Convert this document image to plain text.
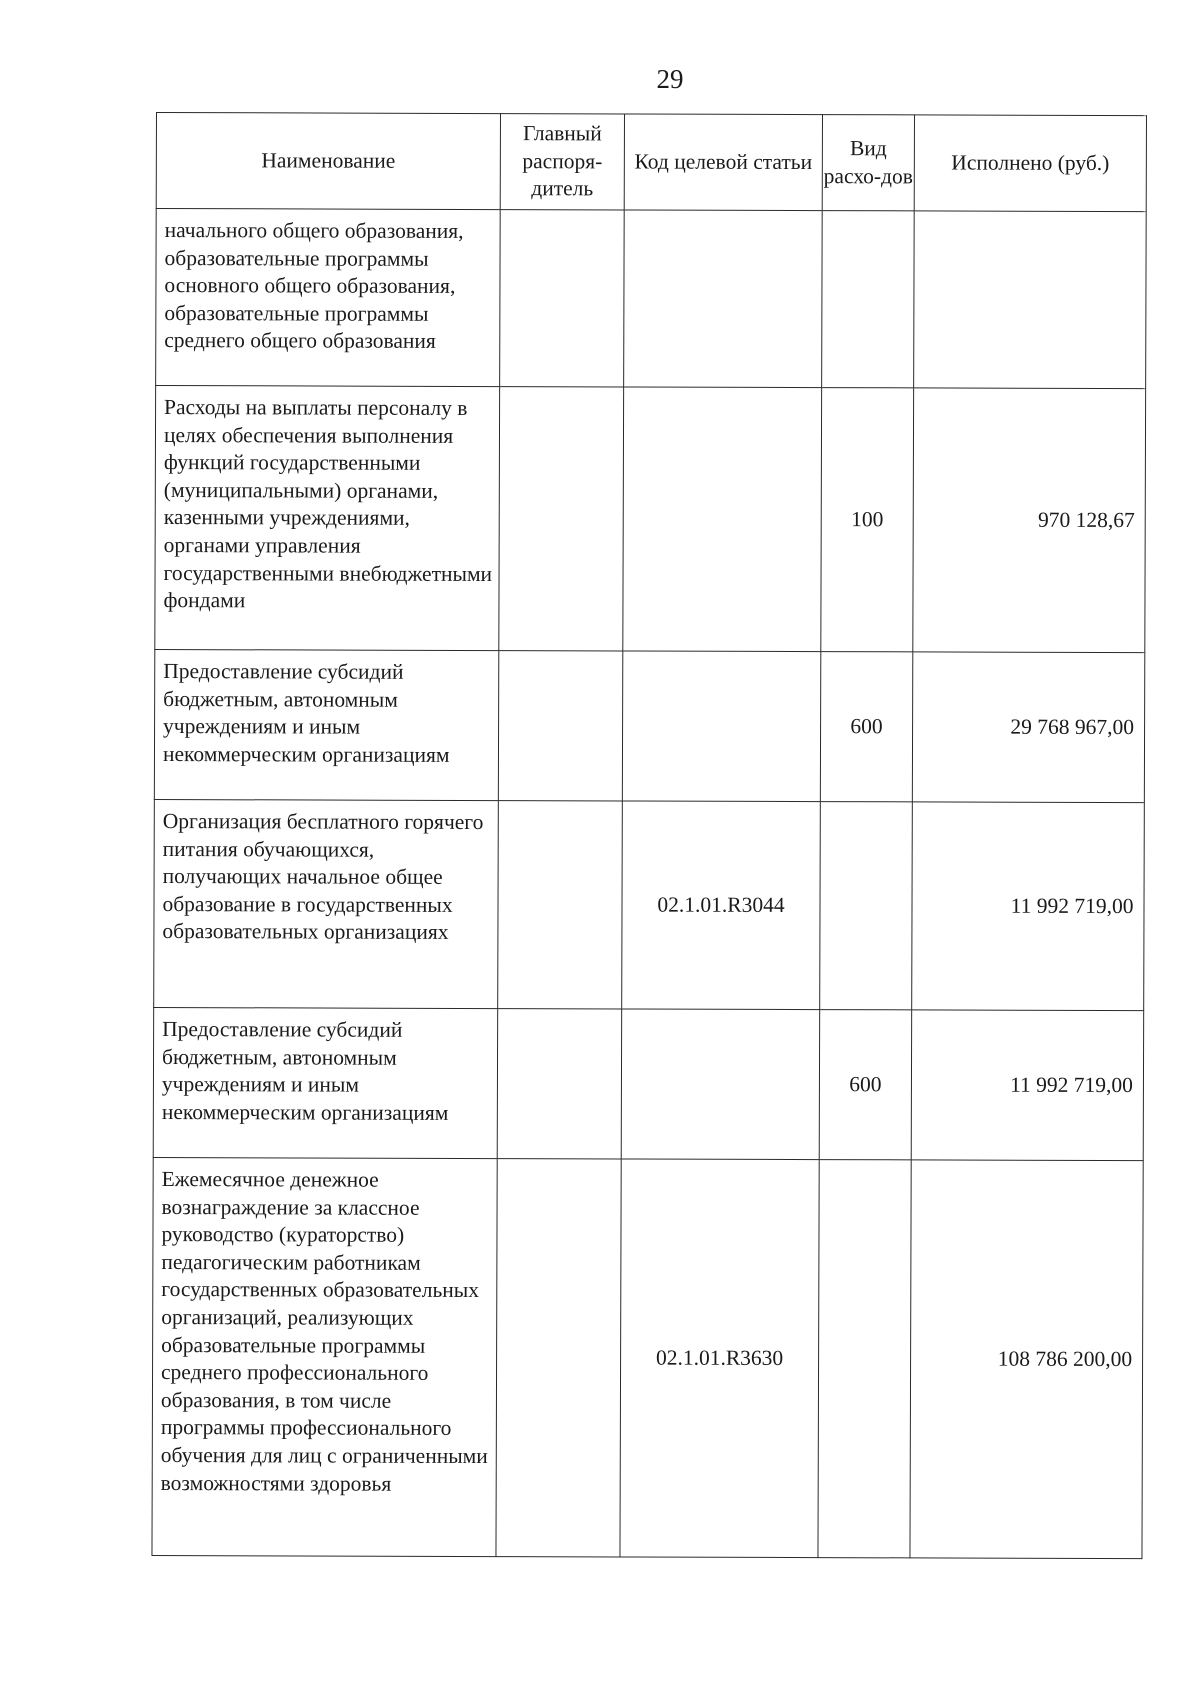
29
Наименование	Главный распоря-дитель	Код целевой статьи	Вид расхо-дов	Исполнено (руб.)
начального общего образования, образовательные программы основного общего образования, образовательные программы среднего общего образования				
Расходы на выплаты персоналу в целях обеспечения выполнения функций государственными (муниципальными) органами, казенными учреждениями, органами управления государственными внебюджетными фондами			100	970 128,67
Предоставление субсидий бюджетным, автономным учреждениям и иным некоммерческим организациям			600	29 768 967,00
Организация бесплатного горячего питания обучающихся, получающих начальное общее образование в государственных образовательных организациях		02.1.01.R3044		11 992 719,00
Предоставление субсидий бюджетным, автономным учреждениям и иным некоммерческим организациям			600	11 992 719,00
Ежемесячное денежное вознаграждение за классное руководство (кураторство) педагогическим работникам государственных образовательных организаций, реализующих образовательные программы среднего профессионального образования, в том числе программы профессионального обучения для лиц с ограниченными возможностями здоровья		02.1.01.R3630		108 786 200,00
